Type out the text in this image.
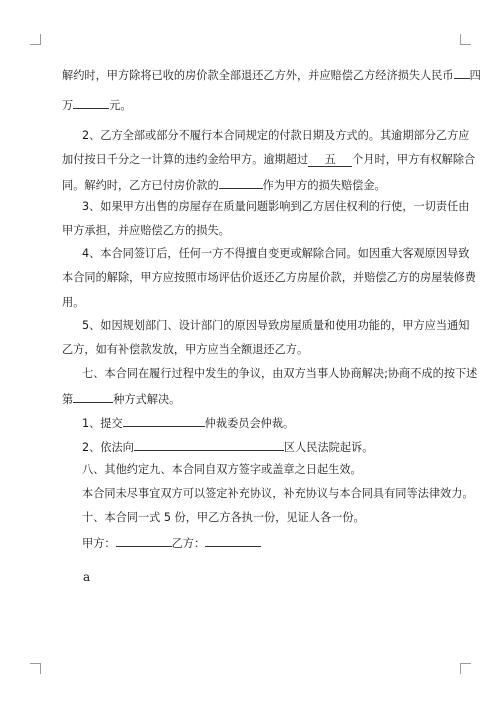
解约时，甲方除将已收的房价款全部退还乙方外，并应赔偿乙方经济损失人民币 四
万	元。
2、乙方全部或部分不履行本合同规定的付款日期及方式的。其逾期部分乙方应
加付按日千分之一计算的违约金给甲方。逾期超过 五 个月时，甲方有权解除合
同。解约时，乙方已付房价款的	作为甲方的损失赔偿金。
3、如果甲方出售的房屋存在质量问题影响到乙方居住权利的行使，一切责任由
甲方承担，并应赔偿乙方的损失。
4、本合同签订后，任何一方不得擅自变更或解除合同。如因重大客观原因导致
本合同的解除，甲方应按照市场评估价返还乙方房屋价款，并赔偿乙方的房屋装修费
用。
5、如因规划部门、设计部门的原因导致房屋质量和使用功能的，甲方应当通知
乙方，如有补偿款发放，甲方应当全额退还乙方。
七、本合同在履行过程中发生的争议，由双方当事人协商解决;协商不成的按下述
第	种方式解决。
1、提交	仲裁委员会仲裁。
2、依法向	区人民法院起诉。
八、其他约定九、本合同自双方签字或盖章之日起生效。
本合同未尽事宜双方可以签定补充协议，补充协议与本合同具有同等法律效力。
十、本合同一式 5 份，甲乙方各执一份，见证人各一份。
甲方：	乙方：
a
